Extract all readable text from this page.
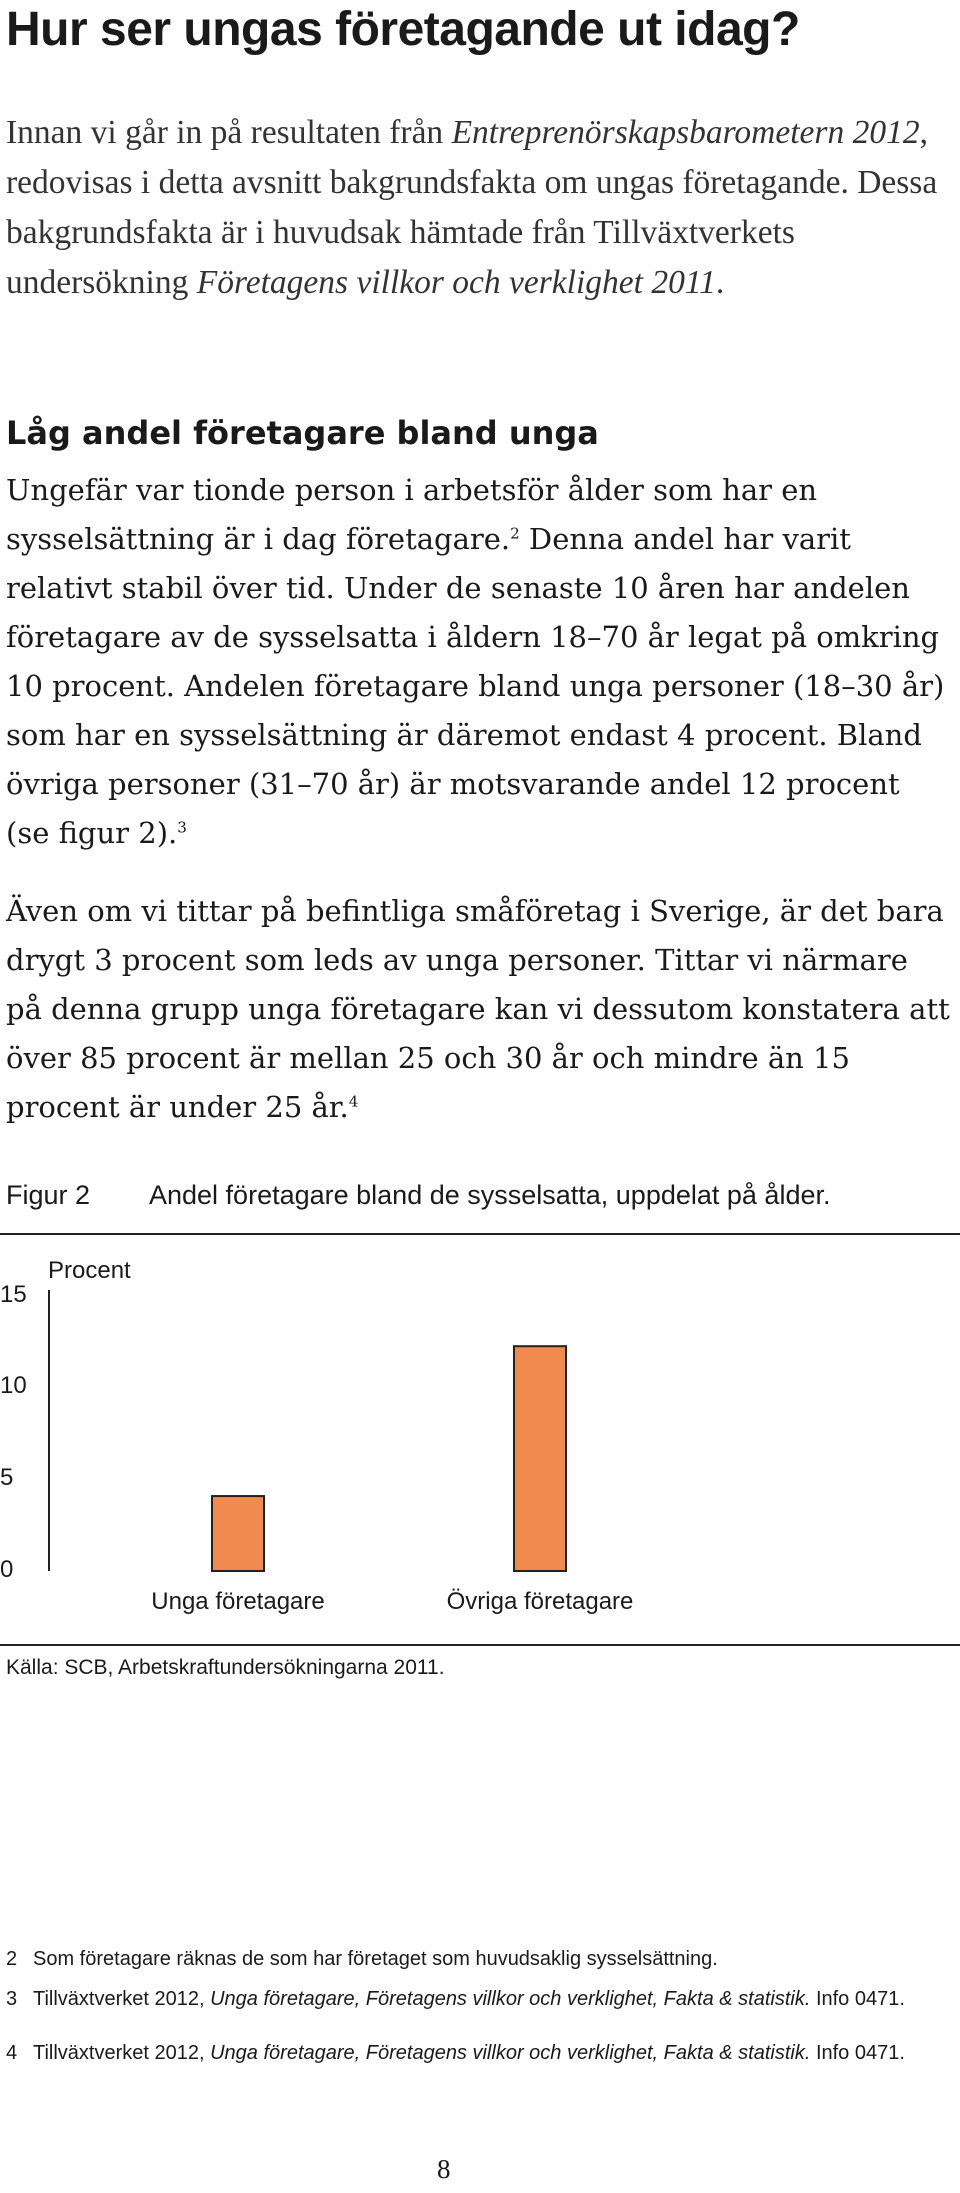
Hur ser ungas företagande ut idag?

Innan vi går in på resultaten från Entreprenörskapsbarometern 2012, redovisas i detta avsnitt bakgrundsfakta om ungas företagande. Dessa bakgrundsfakta är i huvudsak hämtade från Tillväxtverkets undersökning Företagens villkor och verklighet 2011.

Låg andel företagare bland unga

Ungefär var tionde person i arbetsför ålder som har en sysselsättning är i dag företagare.$^2$ Denna andel har varit relativt stabil över tid. Under de senaste 10 åren har andelen företagare av de sysselsatta i åldern 18–70 år legat på omkring 10 procent. Andelen företagare bland unga personer (18–30 år) som har en sysselsättning är däremot endast 4 procent. Bland övriga personer (31–70 år) är motsvarande andel 12 procent (se figur 2).$^3$

Även om vi tittar på befintliga småföretag i Sverige, är det bara drygt 3 procent som leds av unga personer. Tittar vi närmare på denna grupp unga företagare kan vi dessutom konstatera att över 85 procent är mellan 25 och 30 år och mindre än 15 procent är under 25 år.$^4$

Figur 2 Andel företagare bland de sysselsatta, uppdelat på ålder.
Procent
15
10
5
0
Unga företagare	Övriga företagare
Källa: SCB, Arbetskraftundersökningarna 2011.
2 Som företagare räknas de som har företaget som huvudsaklig sysselsättning.
3 Tillväxtverket 2012, Unga företagare, Företagens villkor och verklighet, Fakta & statistik. Info 0471.
4 Tillväxtverket 2012, Unga företagare, Företagens villkor och verklighet, Fakta & statistik. Info 0471.
8
